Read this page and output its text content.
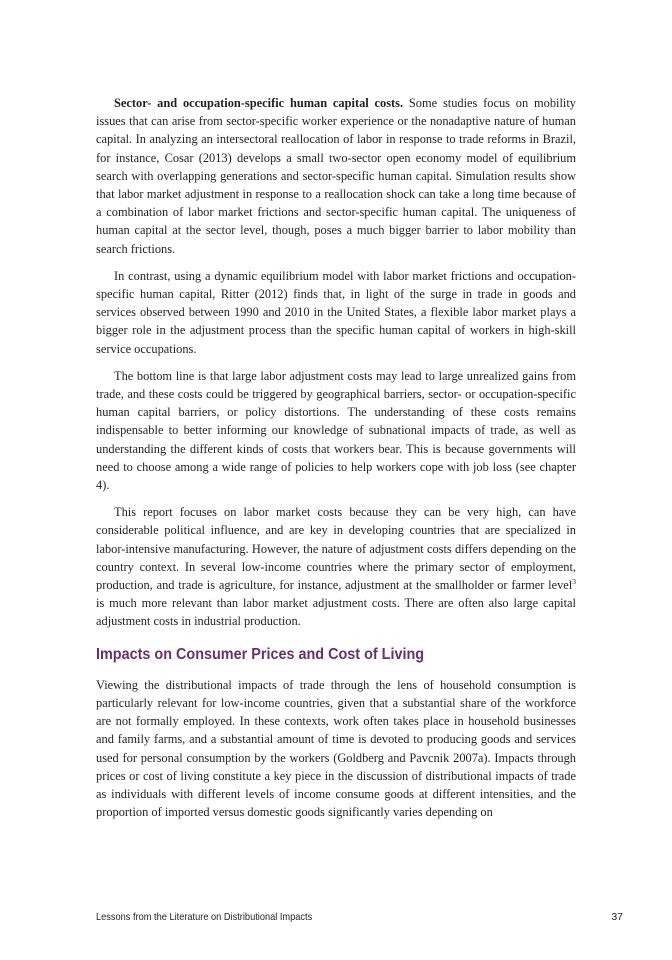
Sector- and occupation-specific human capital costs. Some studies focus on mobility issues that can arise from sector-specific worker experience or the nonadaptive nature of human capital. In analyzing an intersectoral reallocation of labor in response to trade reforms in Brazil, for instance, Cosar (2013) develops a small two-sector open economy model of equilibrium search with overlapping generations and sector-specific human capital. Simulation results show that labor market adjustment in response to a reallocation shock can take a long time because of a combination of labor market frictions and sector-specific human capital. The uniqueness of human capital at the sector level, though, poses a much bigger barrier to labor mobility than search frictions.

In contrast, using a dynamic equilibrium model with labor market frictions and occupation-specific human capital, Ritter (2012) finds that, in light of the surge in trade in goods and services observed between 1990 and 2010 in the United States, a flexible labor market plays a bigger role in the adjustment process than the specific human capital of workers in high-skill service occupations.

The bottom line is that large labor adjustment costs may lead to large unrealized gains from trade, and these costs could be triggered by geographical barriers, sector- or occupation-specific human capital barriers, or policy distortions. The understanding of these costs remains indispensable to better informing our knowledge of subnational impacts of trade, as well as understanding the different kinds of costs that workers bear. This is because governments will need to choose among a wide range of policies to help workers cope with job loss (see chapter 4).

This report focuses on labor market costs because they can be very high, can have considerable political influence, and are key in developing countries that are specialized in labor-intensive manufacturing. However, the nature of adjustment costs differs depending on the country context. In several low-income countries where the primary sector of employment, production, and trade is agriculture, for instance, adjustment at the smallholder or farmer level$^3$ is much more relevant than labor market adjustment costs. There are often also large capital adjustment costs in industrial production.

Impacts on Consumer Prices and Cost of Living

Viewing the distributional impacts of trade through the lens of household consumption is particularly relevant for low-income countries, given that a substantial share of the workforce are not formally employed. In these contexts, work often takes place in household businesses and family farms, and a substantial amount of time is devoted to producing goods and services used for personal consumption by the workers (Goldberg and Pavcnik 2007a). Impacts through prices or cost of living constitute a key piece in the discussion of distributional impacts of trade as individuals with different levels of income consume goods at different intensities, and the proportion of imported versus domestic goods significantly varies depending on

Lessons from the Literature on Distributional Impacts	37
